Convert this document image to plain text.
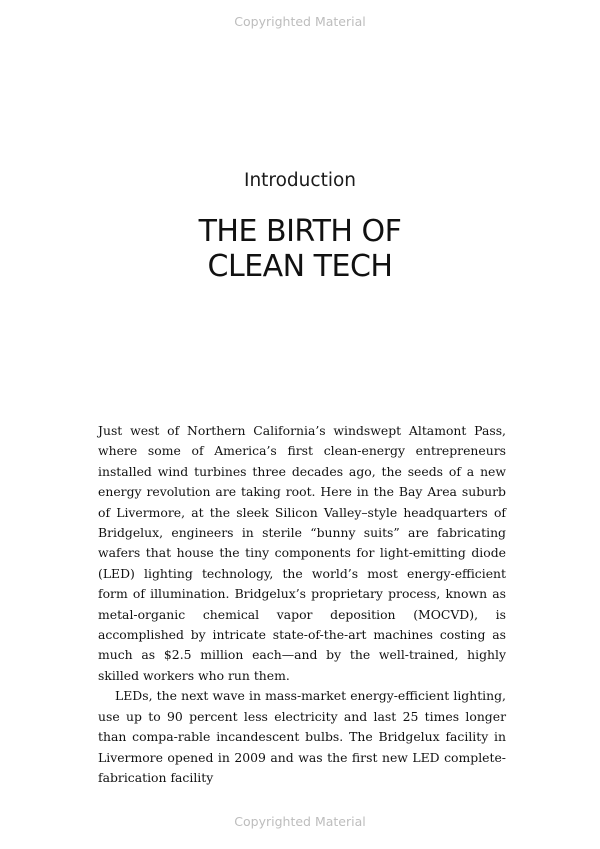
Copyrighted Material
Introduction
THE BIRTH OF
CLEAN TECH

Just west of Northern California’s windswept Altamont Pass, where some of America’s first clean-energy entrepreneurs installed wind turbines three decades ago, the seeds of a new energy revolution are taking root. Here in the Bay Area suburb of Livermore, at the sleek Silicon Valley–style headquarters of Bridgelux, engineers in sterile “bunny suits” are fabricating wafers that house the tiny components for light-emitting diode (LED) lighting technology, the world’s most energy-efficient form of illumination. Bridgelux’s proprietary process, known as metal-organic chemical vapor deposition (MOCVD), is accomplished by intricate state-of-the-art machines costing as much as $2.5 million each—and by the well-trained, highly skilled workers who run them.

LEDs, the next wave in mass-market energy-efficient lighting, use up to 90 percent less electricity and last 25 times longer than compa-rable incandescent bulbs. The Bridgelux facility in Livermore opened in 2009 and was the first new LED complete-fabrication facility

Copyrighted Material
